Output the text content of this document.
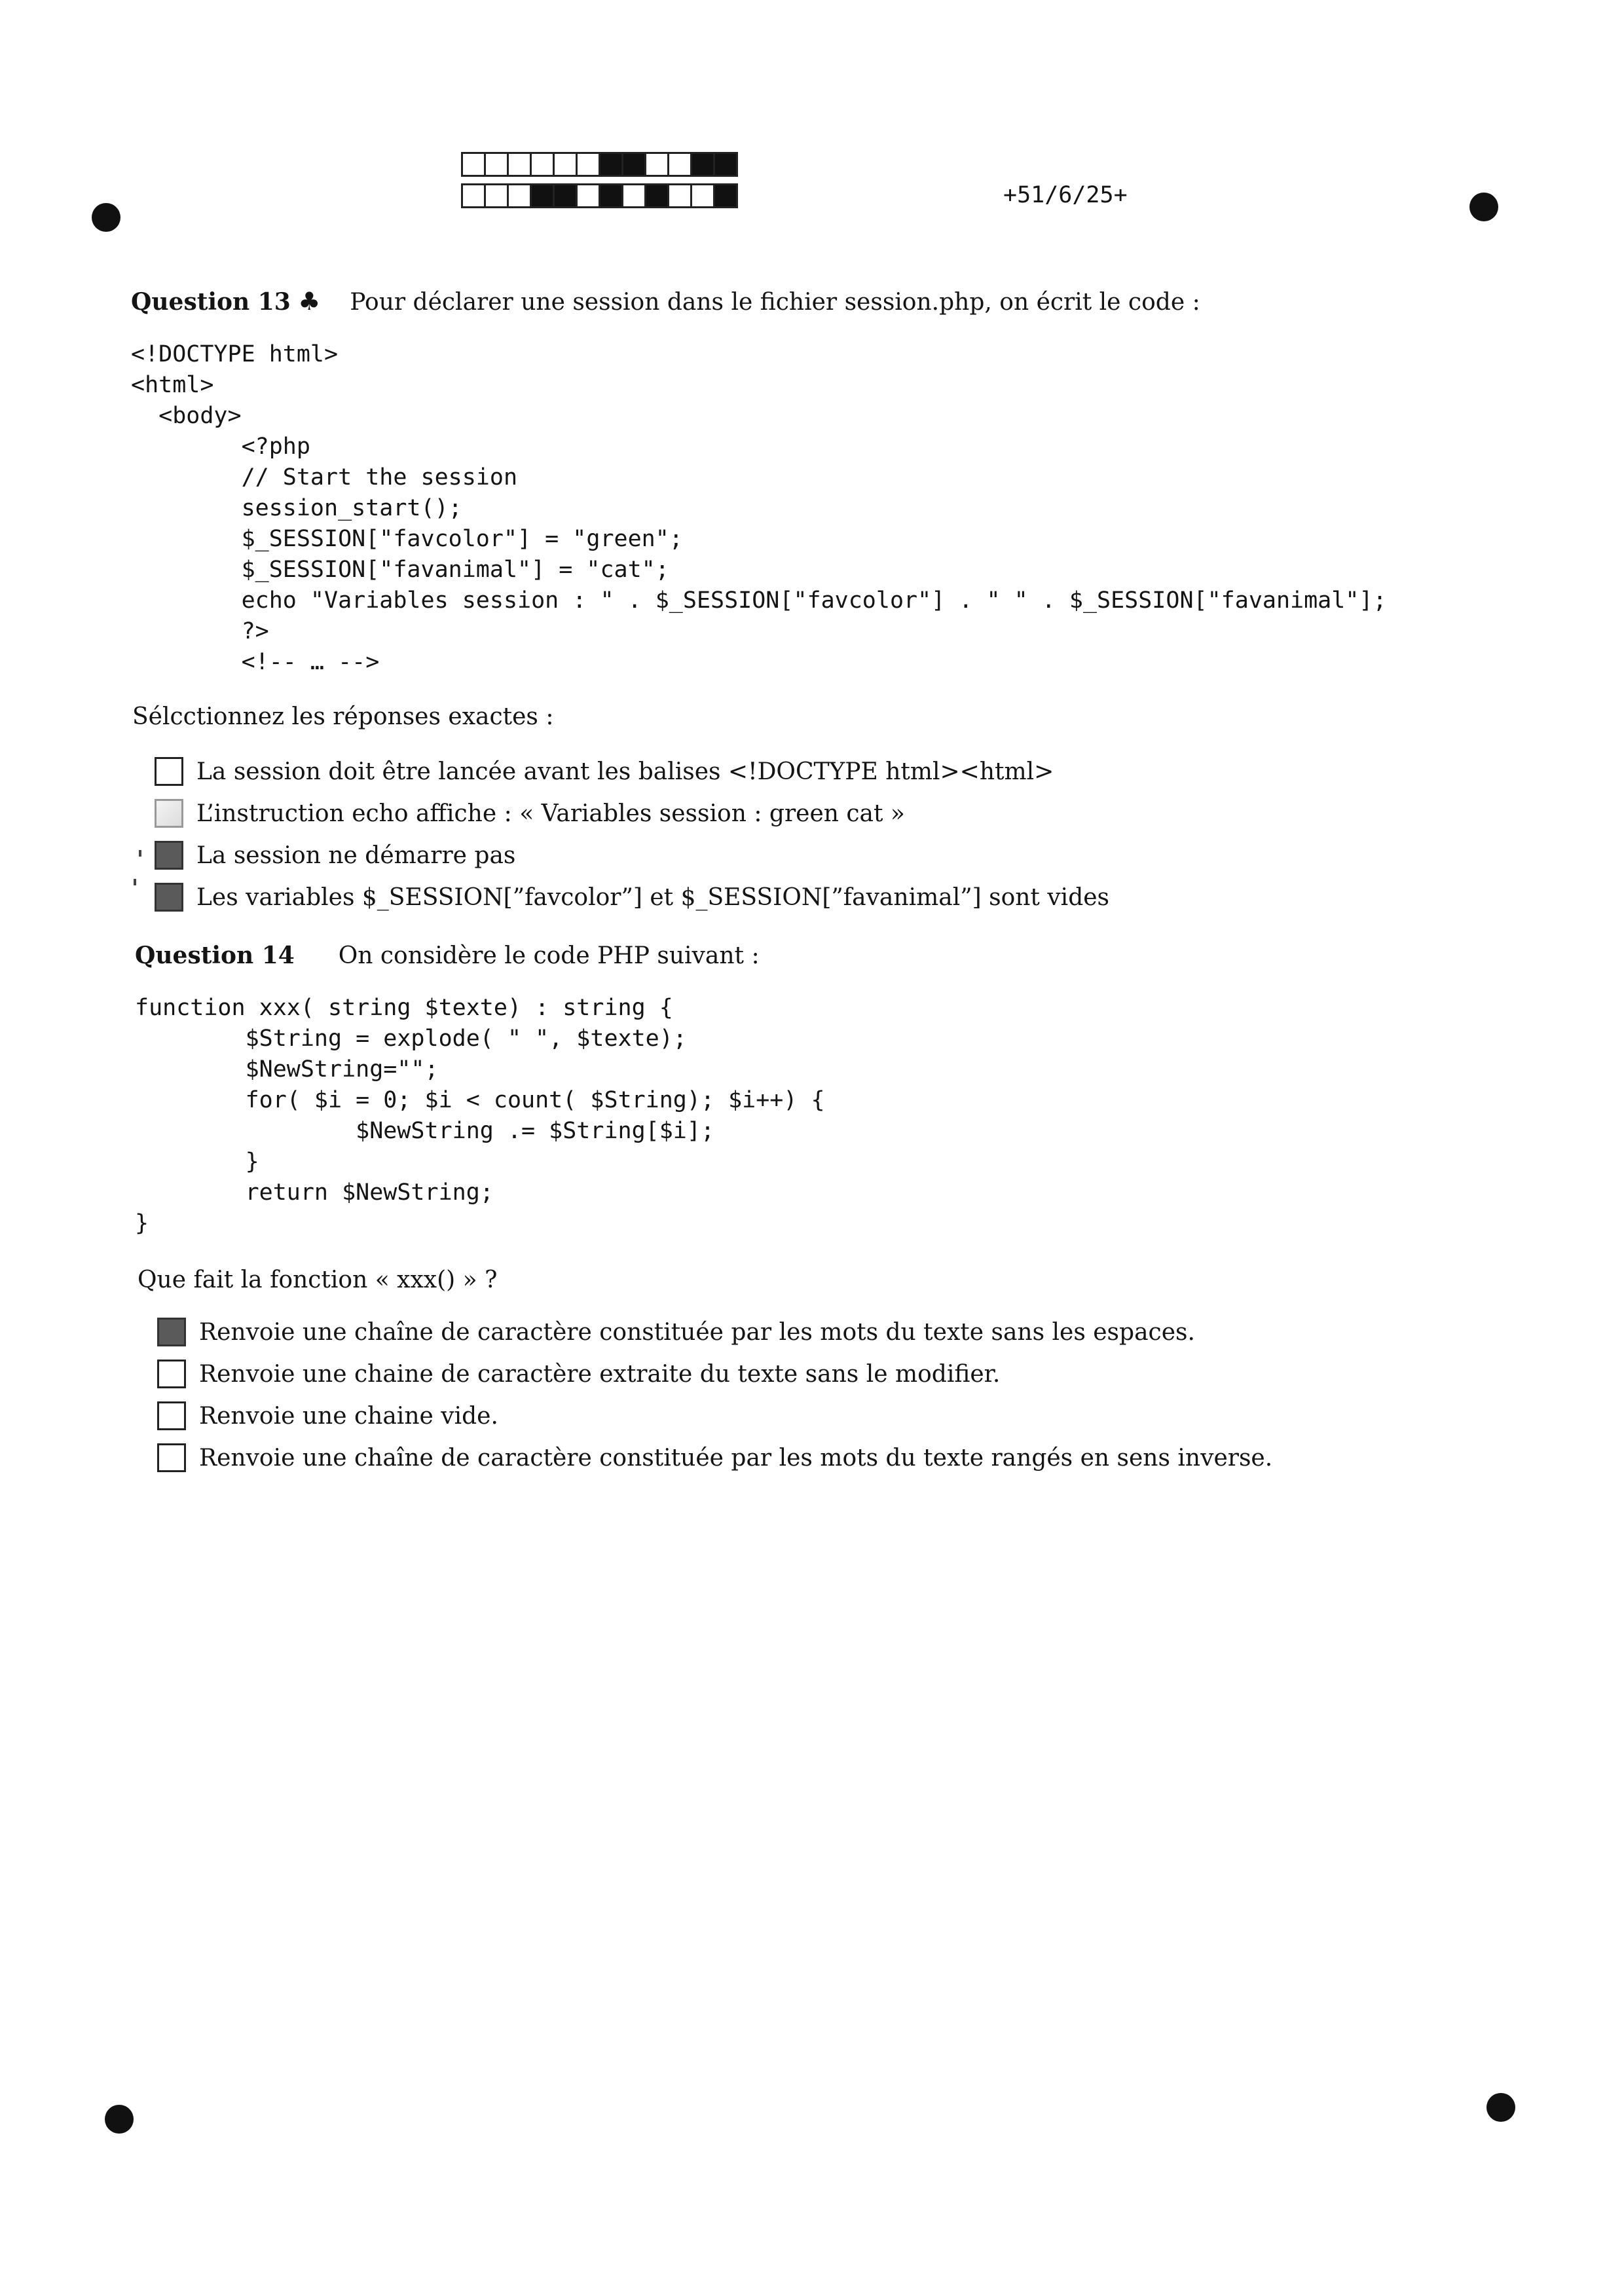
+51/6/25+
Question 13 ♣ Pour déclarer une session dans le fichier session.php, on écrit le code :
<!DOCTYPE html>
<html>
<body>
<?php
// Start the session
session_start();
$_SESSION["favcolor"] = "green";
$_SESSION["favanimal"] = "cat";
echo "Variables session : " . $_SESSION["favcolor"] . " " . $_SESSION["favanimal"];
?>
<!-- … -->
Sélcctionnez les réponses exactes :
La session doit être lancée avant les balises <!DOCTYPE html><html>
L’instruction echo affiche : « Variables session : green cat »
La session ne démarre pas
Les variables $_SESSION[”favcolor”] et $_SESSION[”favanimal”] sont vides
Question 14 On considère le code PHP suivant :
function xxx( string $texte) : string {
$String = explode( " ", $texte);
$NewString="";
for( $i = 0; $i < count( $String); $i++) {
$NewString .= $String[$i];
}
return $NewString;
}
Que fait la fonction « xxx() » ?
Renvoie une chaîne de caractère constituée par les mots du texte sans les espaces.
Renvoie une chaine de caractère extraite du texte sans le modifier.
Renvoie une chaine vide.
Renvoie une chaîne de caractère constituée par les mots du texte rangés en sens inverse.
